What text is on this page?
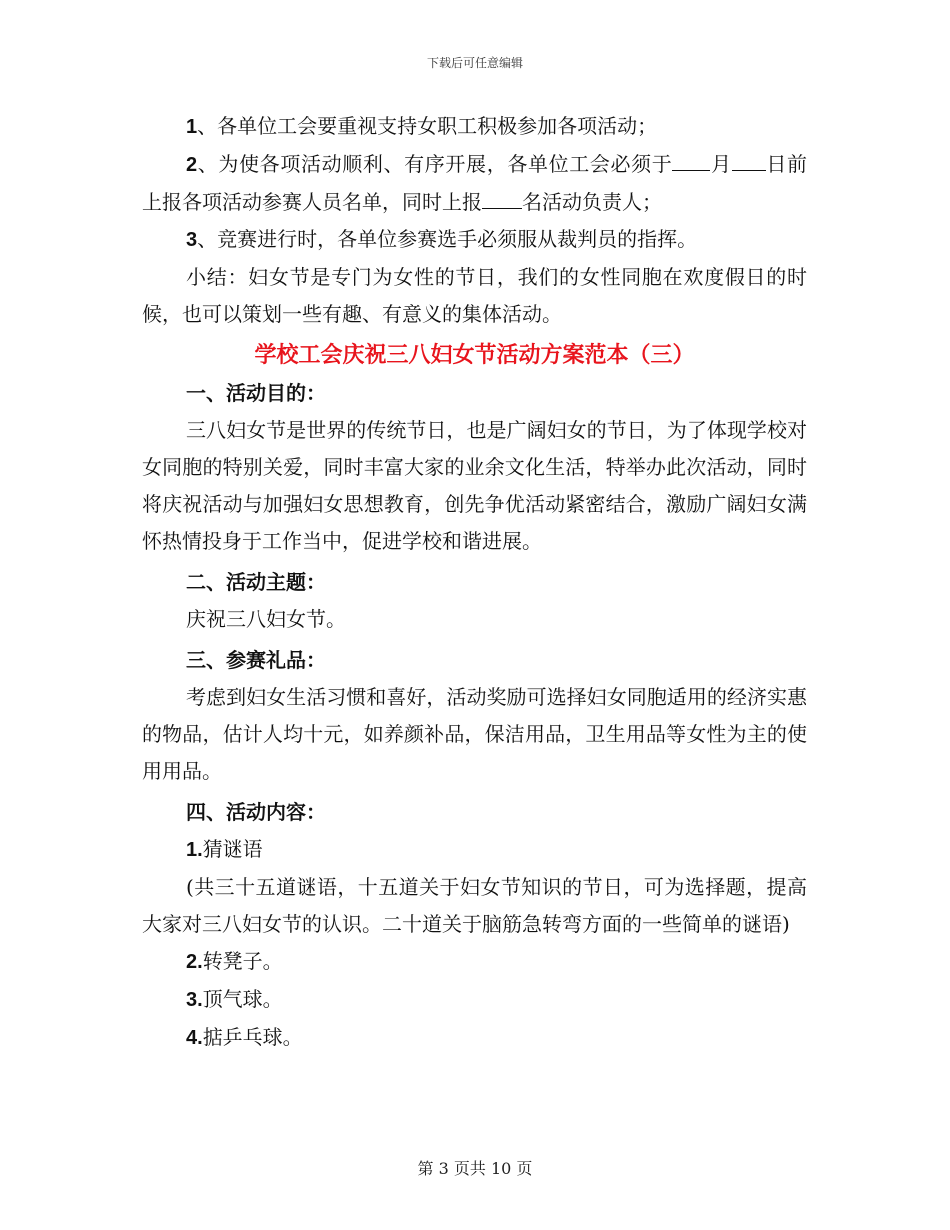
下载后可任意编辑

1、各单位工会要重视支持女职工积极参加各项活动；

2、为使各项活动顺利、有序开展，各单位工会必须于 月 日前上报各项活动参赛人员名单，同时上报 名活动负责人；

3、竞赛进行时，各单位参赛选手必须服从裁判员的指挥。

小结：妇女节是专门为女性的节日，我们的女性同胞在欢度假日的时候，也可以策划一些有趣、有意义的集体活动。

学校工会庆祝三八妇女节活动方案范本（三）

一、活动目的：

三八妇女节是世界的传统节日，也是广阔妇女的节日，为了体现学校对女同胞的特别关爱，同时丰富大家的业余文化生活，特举办此次活动，同时将庆祝活动与加强妇女思想教育，创先争优活动紧密结合，激励广阔妇女满怀热情投身于工作当中，促进学校和谐进展。

二、活动主题：

庆祝三八妇女节。

三、参赛礼品：

考虑到妇女生活习惯和喜好，活动奖励可选择妇女同胞适用的经济实惠的物品，估计人均十元，如养颜补品，保洁用品，卫生用品等女性为主的使用用品。

四、活动内容：

1.猜谜语

(共三十五道谜语，十五道关于妇女节知识的节日，可为选择题，提高大家对三八妇女节的认识。二十道关于脑筋急转弯方面的一些简单的谜语)

2.转凳子。

3.顶气球。

4.掂乒乓球。

第 3 页共 10 页
